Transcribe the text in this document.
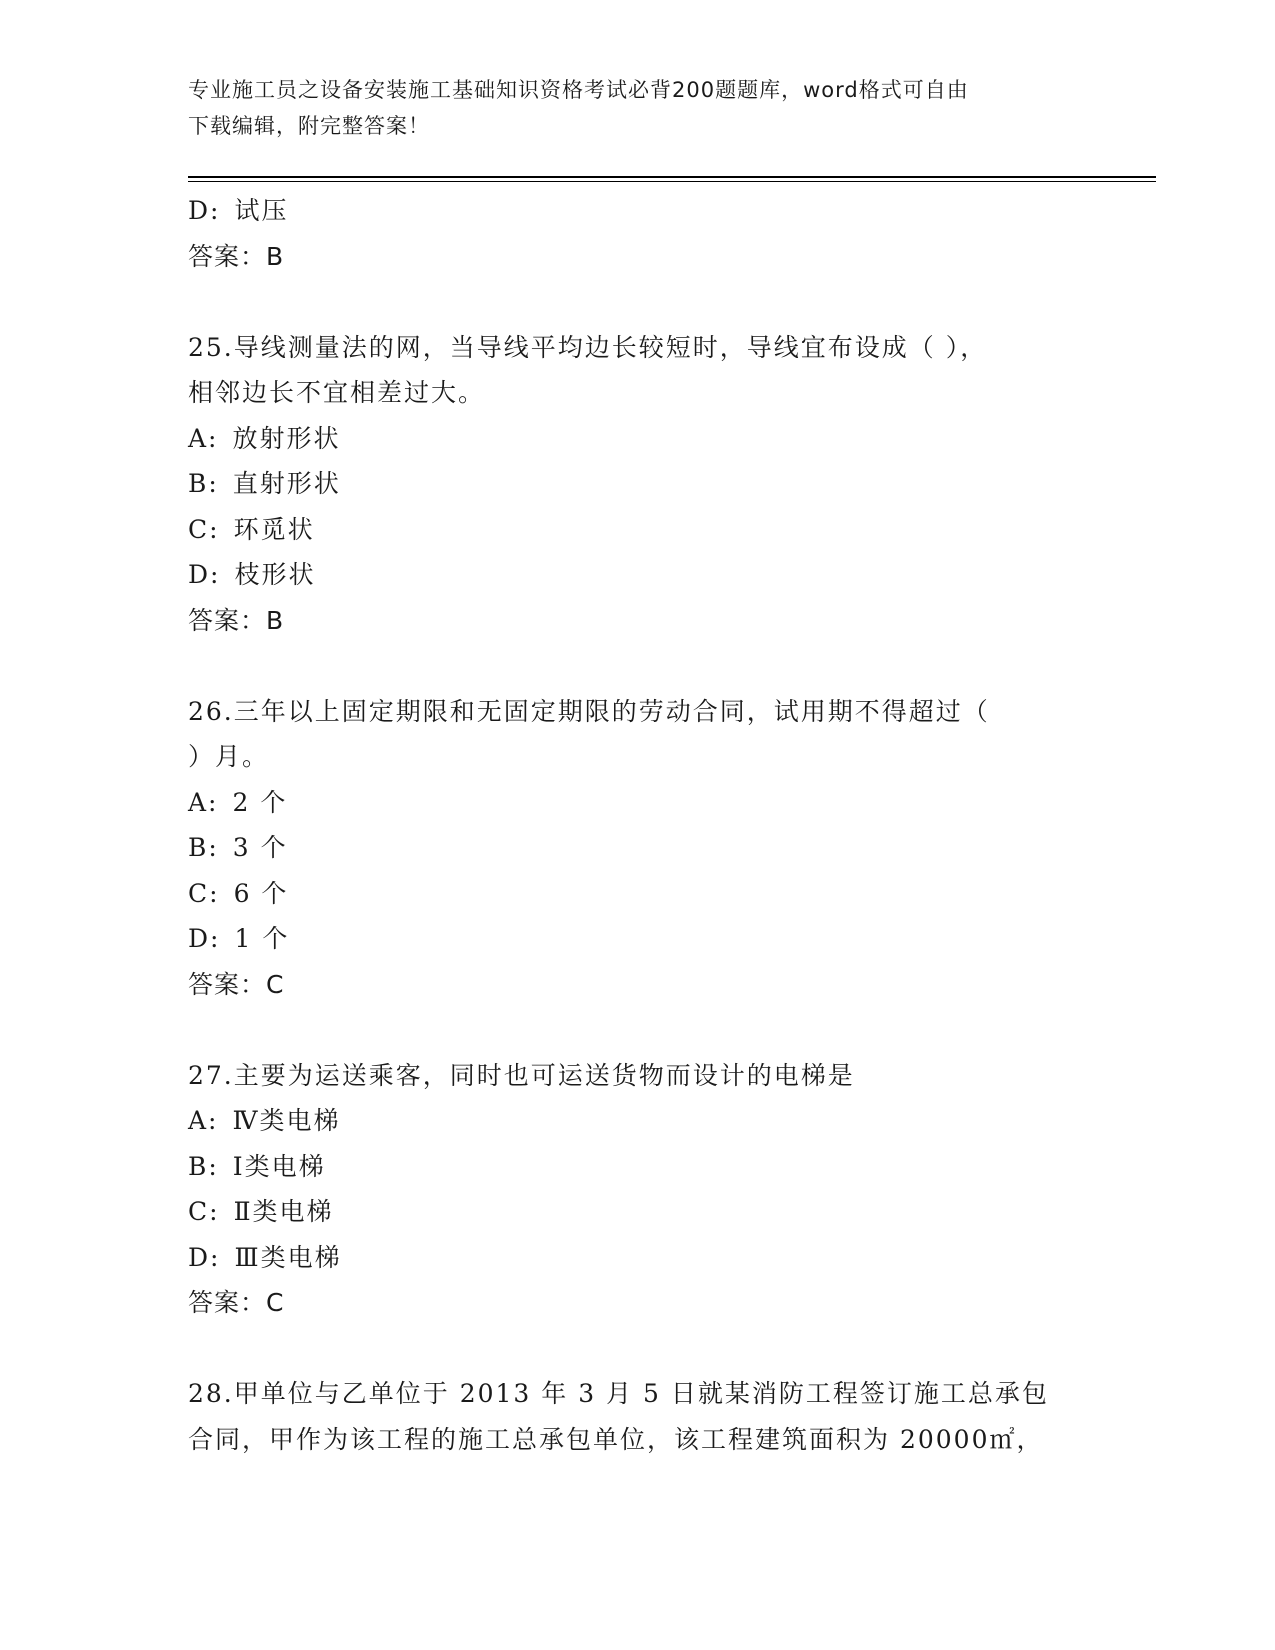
专业施工员之设备安装施工基础知识资格考试必背200题题库，word格式可自由
下载编辑，附完整答案！
D: 试压
答案：B
25.导线测量法的网，当导线平均边长较短时，导线宜布设成（ ），
相邻边长不宜相差过大。
A: 放射形状
B: 直射形状
C: 环觅状
D: 枝形状
答案：B
26.三年以上固定期限和无固定期限的劳动合同，试用期不得超过（
）月。
A: 2 个
B: 3 个
C: 6 个
D: 1 个
答案：C
27.主要为运送乘客，同时也可运送货物而设计的电梯是
A: Ⅳ类电梯
B: Ⅰ类电梯
C: Ⅱ类电梯
D: Ⅲ类电梯
答案：C
28.甲单位与乙单位于 2013 年 3 月 5 日就某消防工程签订施工总承包
合同，甲作为该工程的施工总承包单位，该工程建筑面积为 20000㎡，
